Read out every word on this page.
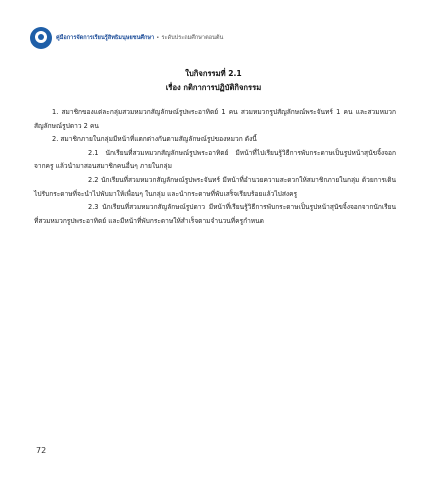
คู่มือการจัดการเรียนรู้สิทธิมนุษยชนศึกษา • ระดับประถมศึกษาตอนต้น
ใบกิจกรรมที่ 2.1
เรื่อง กติกาการปฏิบัติกิจกรรม

1. สมาชิกของแต่ละกลุ่มสวมหมวกสัญลักษณ์รูปพระอาทิตย์ 1 คน สวมหมวกรูปสัญลักษณ์พระจันทร์ 1 คน และสวมหมวกสัญลักษณ์รูปดาว 2 คน

2. สมาชิกภายในกลุ่มมีหน้าที่แตกต่างกันตามสัญลักษณ์รูปของหมวก ดังนี้

2.1 นักเรียนที่สวมหมวกสัญลักษณ์รูปพระอาทิตย์ มีหน้าที่ไปเรียนรู้วิธีการพับกระดาษเป็นรูปหน้าสุนัขจิ้งจอกจากครู แล้วนำมาสอนสมาชิกคนอื่นๆ ภายในกลุ่ม

2.2 นักเรียนที่สวมหมวกสัญลักษณ์รูปพระจันทร์ มีหน้าที่อำนวยความสะดวกให้สมาชิกภายในกลุ่ม ด้วยการเดินไปรับกระดาษที่จะนำไปพับมาให้เพื่อนๆ ในกลุ่ม และนำกระดาษที่พับเสร็จเรียบร้อยแล้วไปส่งครู

2.3 นักเรียนที่สวมหมวกสัญลักษณ์รูปดาว มีหน้าที่เรียนรู้วิธีการพับกระดาษเป็นรูปหน้าสุนัขจิ้งจอกจากนักเรียนที่สวมหมวกรูปพระอาทิตย์ และมีหน้าที่พับกระดาษให้สำเร็จตามจำนวนที่ครูกำหนด

72
